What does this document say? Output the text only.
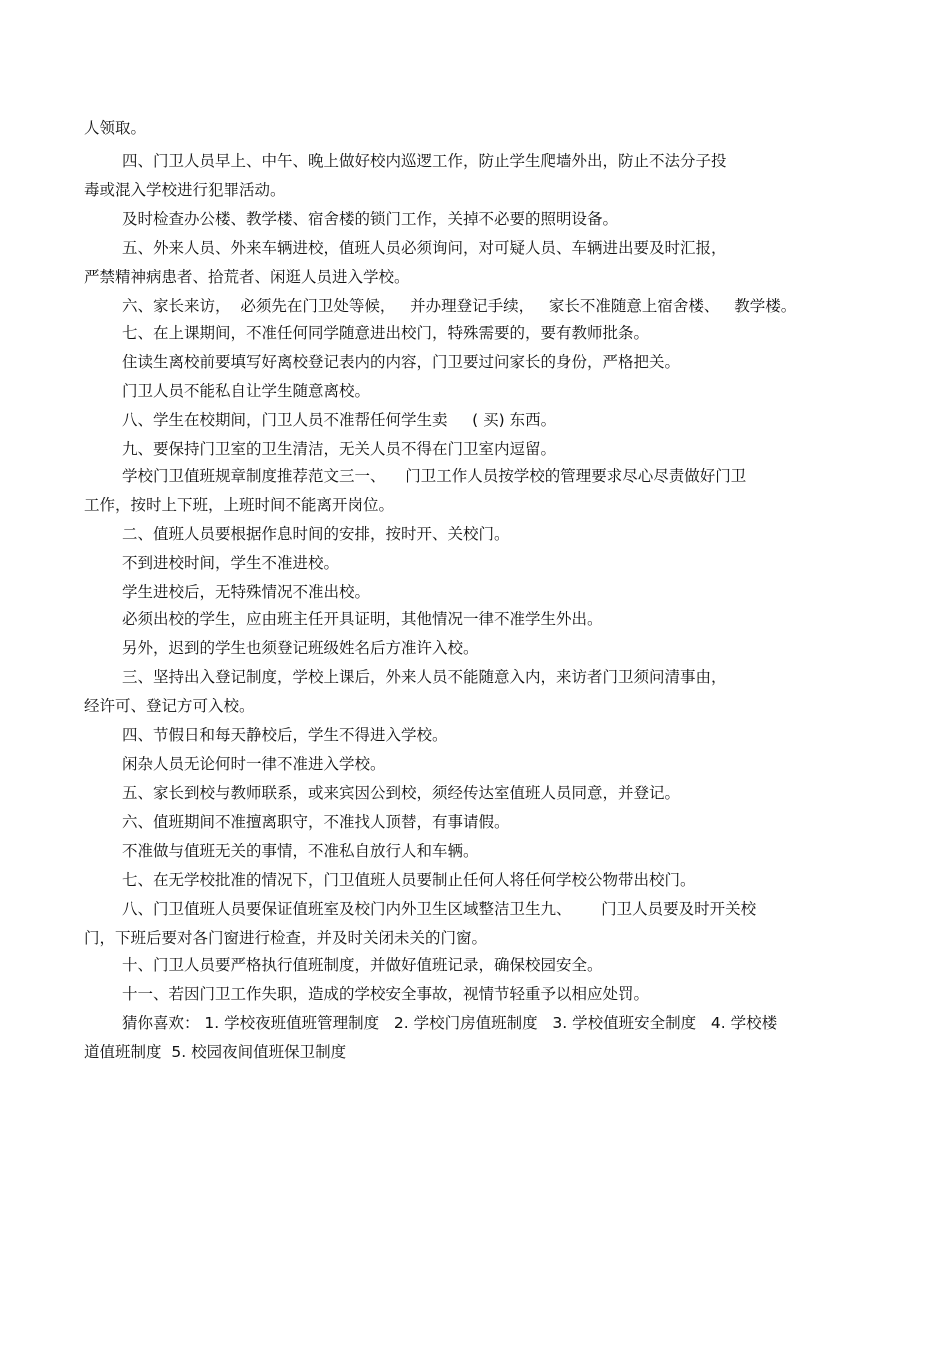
人领取。
四、门卫人员早上、中午、晚上做好校内巡逻工作，防止学生爬墙外出，防止不法分子投
毒或混入学校进行犯罪活动。
及时检查办公楼、教学楼、宿舍楼的锁门工作，关掉不必要的照明设备。
五、外来人员、外来车辆进校，值班人员必须询问，对可疑人员、车辆进出要及时汇报，
严禁精神病患者、拾荒者、闲逛人员进入学校。
六、家长来访，  必须先在门卫处等候，   并办理登记手续，   家长不准随意上宿舍楼、   教学楼。
七、在上课期间，不准任何同学随意进出校门，特殊需要的，要有教师批条。
住读生离校前要填写好离校登记表内的内容，门卫要过问家长的身份，严格把关。
门卫人员不能私自让学生随意离校。
八、学生在校期间，门卫人员不准帮任何学生卖     ( 买) 东西。
九、要保持门卫室的卫生清洁，无关人员不得在门卫室内逗留。
学校门卫值班规章制度推荐范文三一、    门卫工作人员按学校的管理要求尽心尽责做好门卫
工作，按时上下班，上班时间不能离开岗位。
二、值班人员要根据作息时间的安排，按时开、关校门。
不到进校时间，学生不准进校。
学生进校后，无特殊情况不准出校。
必须出校的学生，应由班主任开具证明，其他情况一律不准学生外出。
另外，迟到的学生也须登记班级姓名后方准许入校。
三、坚持出入登记制度，学校上课后，外来人员不能随意入内，来访者门卫须问清事由，
经许可、登记方可入校。
四、节假日和每天静校后，学生不得进入学校。
闲杂人员无论何时一律不准进入学校。
五、家长到校与教师联系，或来宾因公到校，须经传达室值班人员同意，并登记。
六、值班期间不准擅离职守，不准找人顶替，有事请假。
不准做与值班无关的事情，不准私自放行人和车辆。
七、在无学校批准的情况下，门卫值班人员要制止任何人将任何学校公物带出校门。
八、门卫值班人员要保证值班室及校门内外卫生区域整洁卫生九、      门卫人员要及时开关校
门，下班后要对各门窗进行检查，并及时关闭未关的门窗。
十、门卫人员要严格执行值班制度，并做好值班记录，确保校园安全。
十一、若因门卫工作失职，造成的学校安全事故，视情节轻重予以相应处罚。
猜你喜欢： 1. 学校夜班值班管理制度   2. 学校门房值班制度   3. 学校值班安全制度   4. 学校楼
道值班制度  5. 校园夜间值班保卫制度
